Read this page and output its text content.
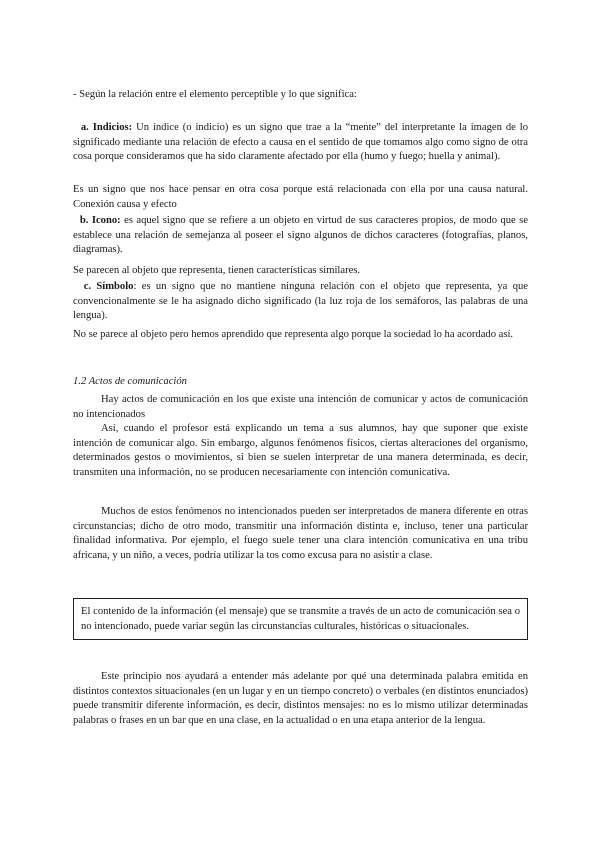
- Según la relación entre el elemento perceptible y lo que significa:

a. Indicios: Un índice (o indicio) es un signo que trae a la “mente” del interpretante la imagen de lo significado mediante una relación de efecto a causa en el sentido de que tomamos algo como signo de otra cosa porque consideramos que ha sido claramente afectado por ella (humo y fuego; huella y animal).

Es un signo que nos hace pensar en otra cosa porque está relacionada con ella por una causa natural. Conexión causa y efecto

b. Icono: es aquel signo que se refiere a un objeto en virtud de sus caracteres propios, de modo que se establece una relación de semejanza al poseer el signo algunos de dichos caracteres (fotografías, planos, diagramas).

Se parecen al objeto que representa, tienen características similares.

c. Símbolo: es un signo que no mantiene ninguna relación con el objeto que representa, ya que convencionalmente se le ha asignado dicho significado (la luz roja de los semáforos, las palabras de una lengua).

No se parece al objeto pero hemos aprendido que representa algo porque la sociedad lo ha acordado así.

1.2 Actos de comunicación

Hay actos de comunicación en los que existe una intención de comunicar y actos de comunicación no intencionados

Así, cuando el profesor está explicando un tema a sus alumnos, hay que suponer que existe intención de comunicar algo. Sin embargo, algunos fenómenos físicos, ciertas alteraciones del organismo, determinados gestos o movimientos, si bien se suelen interpretar de una manera determinada, es decir, transmiten una información, no se producen necesariamente con intención comunicativa.

Muchos de estos fenómenos no intencionados pueden ser interpretados de manera diferente en otras circunstancias; dicho de otro modo, transmitir una información distinta e, incluso, tener una particular finalidad informativa. Por ejemplo, el fuego suele tener una clara intención comunicativa en una tribu africana, y un niño, a veces, podría utilizar la tos como excusa para no asistir a clase.

El contenido de la información (el mensaje) que se transmite a través de un acto de comunicación sea o no intencionado, puede variar según las circunstancias culturales, históricas o situacionales.

Este principio nos ayudará a entender más adelante por qué una determinada palabra emitida en distintos contextos situacionales (en un lugar y en un tiempo concreto) o verbales (en distintos enunciados) puede transmitir diferente información, es decir, distintos mensajes: no es lo mismo utilizar determinadas palabras o frases en un bar que en una clase, en la actualidad o en una etapa anterior de la lengua.
